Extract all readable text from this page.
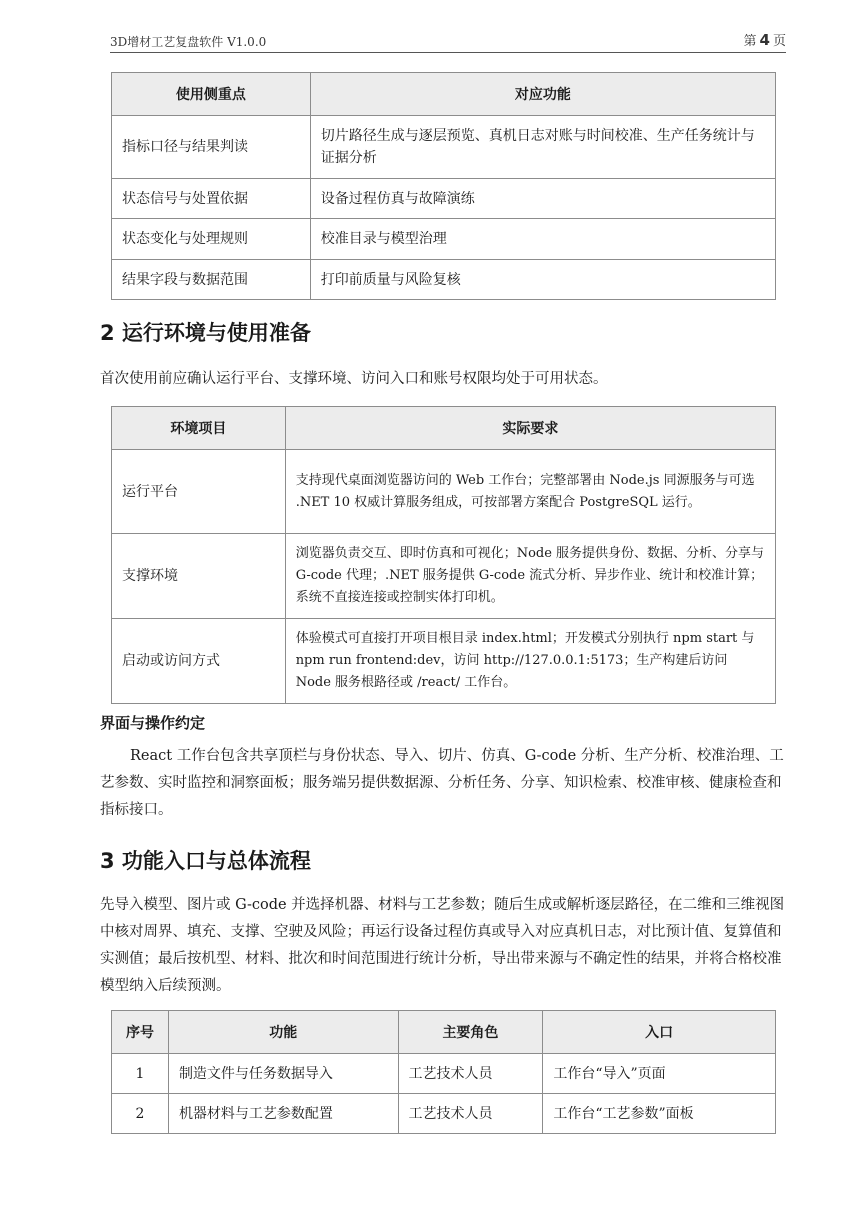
3D增材工艺复盘软件 V1.0.0	第 4 页
使用侧重点	对应功能
指标口径与结果判读	切片路径生成与逐层预览、真机日志对账与时间校准、生产任务统计与证据分析
状态信号与处置依据	设备过程仿真与故障演练
状态变化与处理规则	校准目录与模型治理
结果字段与数据范围	打印前质量与风险复核
2 运行环境与使用准备

首次使用前应确认运行平台、支撑环境、访问入口和账号权限均处于可用状态。

环境项目	实际要求
运行平台	支持现代桌面浏览器访问的 Web 工作台；完整部署由 Node.js 同源服务与可选 .NET 10 权威计算服务组成，可按部署方案配合 PostgreSQL 运行。
支撑环境	浏览器负责交互、即时仿真和可视化；Node 服务提供身份、数据、分析、分享与 G-code 代理；.NET 服务提供 G-code 流式分析、异步作业、统计和校准计算；系统不直接连接或控制实体打印机。
启动或访问方式	体验模式可直接打开项目根目录 index.html；开发模式分别执行 npm start 与 npm run frontend:dev，访问 http://127.0.0.1:5173；生产构建后访问 Node 服务根路径或 /react/ 工作台。
界面与操作约定

React 工作台包含共享顶栏与身份状态、导入、切片、仿真、G-code 分析、生产分析、校准治理、工艺参数、实时监控和洞察面板；服务端另提供数据源、分析任务、分享、知识检索、校准审核、健康检查和指标接口。

3 功能入口与总体流程

先导入模型、图片或 G-code 并选择机器、材料与工艺参数；随后生成或解析逐层路径，在二维和三维视图中核对周界、填充、支撑、空驶及风险；再运行设备过程仿真或导入对应真机日志，对比预计值、复算值和实测值；最后按机型、材料、批次和时间范围进行统计分析，导出带来源与不确定性的结果，并将合格校准模型纳入后续预测。

序号	功能	主要角色	入口
1	制造文件与任务数据导入	工艺技术人员	工作台“导入”页面
2	机器材料与工艺参数配置	工艺技术人员	工作台“工艺参数”面板
